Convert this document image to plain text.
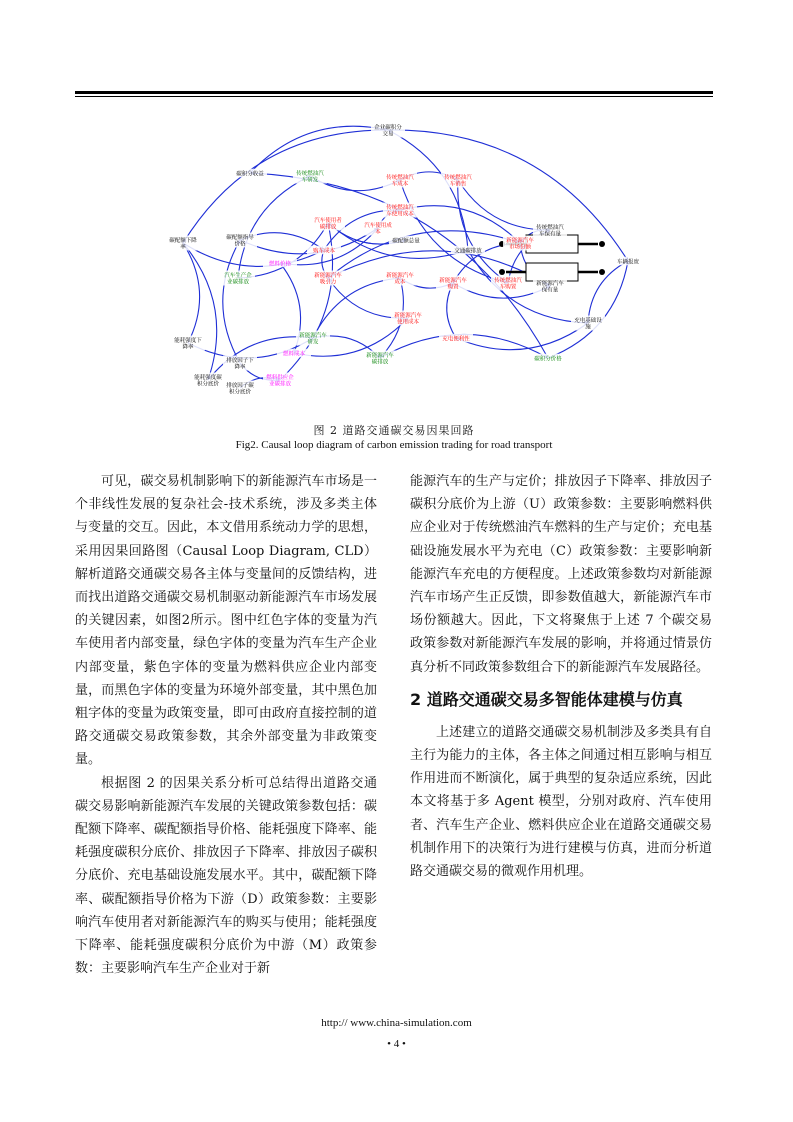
企业碳积分交易
碳积分收益	传统燃油汽车研发	传统燃油汽车成本
传统燃油汽车销售
传统燃油汽车使用成本
碳配额下降率
碳配额指导价格
汽车生产企业碳排放
燃料价格
购车成本
新能源汽车吸引力
传统燃油汽车保有量
新能源汽车保有量
新能源汽车市场份额
充电基础设施
能耗强度下降率
能耗强度碳积分底价
排放因子下降率
排放因子碳积分底价
燃料供应企业碳排放
新能源汽车研发
新能源汽车成本
新能源汽车使用成本
汽车使用者碳排放
碳配额总量
交通碳排放
充电便利性
新能源汽车购置
传统燃油汽车购置
燃料成本	新能源汽车碳排放
碳积分价格
汽车使用成本
车辆报废
图 2 道路交通碳交易因果回路
Fig2. Causal loop diagram of carbon emission trading for road transport

可见，碳交易机制影响下的新能源汽车市场是一个非线性发展的复杂社会-技术系统，涉及多类主体与变量的交互。因此，本文借用系统动力学的思想，采用因果回路图（Causal Loop Diagram, CLD）解析道路交通碳交易各主体与变量间的反馈结构，进而找出道路交通碳交易机制驱动新能源汽车市场发展的关键因素，如图2所示。图中红色字体的变量为汽车使用者内部变量，绿色字体的变量为汽车生产企业内部变量，紫色字体的变量为燃料供应企业内部变量，而黑色字体的变量为环境外部变量，其中黑色加粗字体的变量为政策变量，即可由政府直接控制的道路交通碳交易政策参数，其余外部变量为非政策变量。

根据图 2 的因果关系分析可总结得出道路交通碳交易影响新能源汽车发展的关键政策参数包括：碳配额下降率、碳配额指导价格、能耗强度下降率、能耗强度碳积分底价、排放因子下降率、排放因子碳积分底价、充电基础设施发展水平。其中，碳配额下降率、碳配额指导价格为下游（D）政策参数：主要影响汽车使用者对新能源汽车的购买与使用；能耗强度下降率、能耗强度碳积分底价为中游（M）政策参数：主要影响汽车生产企业对于新

能源汽车的生产与定价；排放因子下降率、排放因子碳积分底价为上游（U）政策参数：主要影响燃料供应企业对于传统燃油汽车燃料的生产与定价；充电基础设施发展水平为充电（C）政策参数：主要影响新能源汽车充电的方便程度。上述政策参数均对新能源汽车市场产生正反馈，即参数值越大，新能源汽车市场份额越大。因此，下文将聚焦于上述 7 个碳交易政策参数对新能源汽车发展的影响，并将通过情景仿真分析不同政策参数组合下的新能源汽车发展路径。

2 道路交通碳交易多智能体建模与仿真

上述建立的道路交通碳交易机制涉及多类具有自主行为能力的主体，各主体之间通过相互影响与相互作用进而不断演化，属于典型的复杂适应系统，因此本文将基于多 Agent 模型，分别对政府、汽车使用者、汽车生产企业、燃料供应企业在道路交通碳交易机制作用下的决策行为进行建模与仿真，进而分析道路交通碳交易的微观作用机理。

http:// www.china-simulation.com
• 4 •
